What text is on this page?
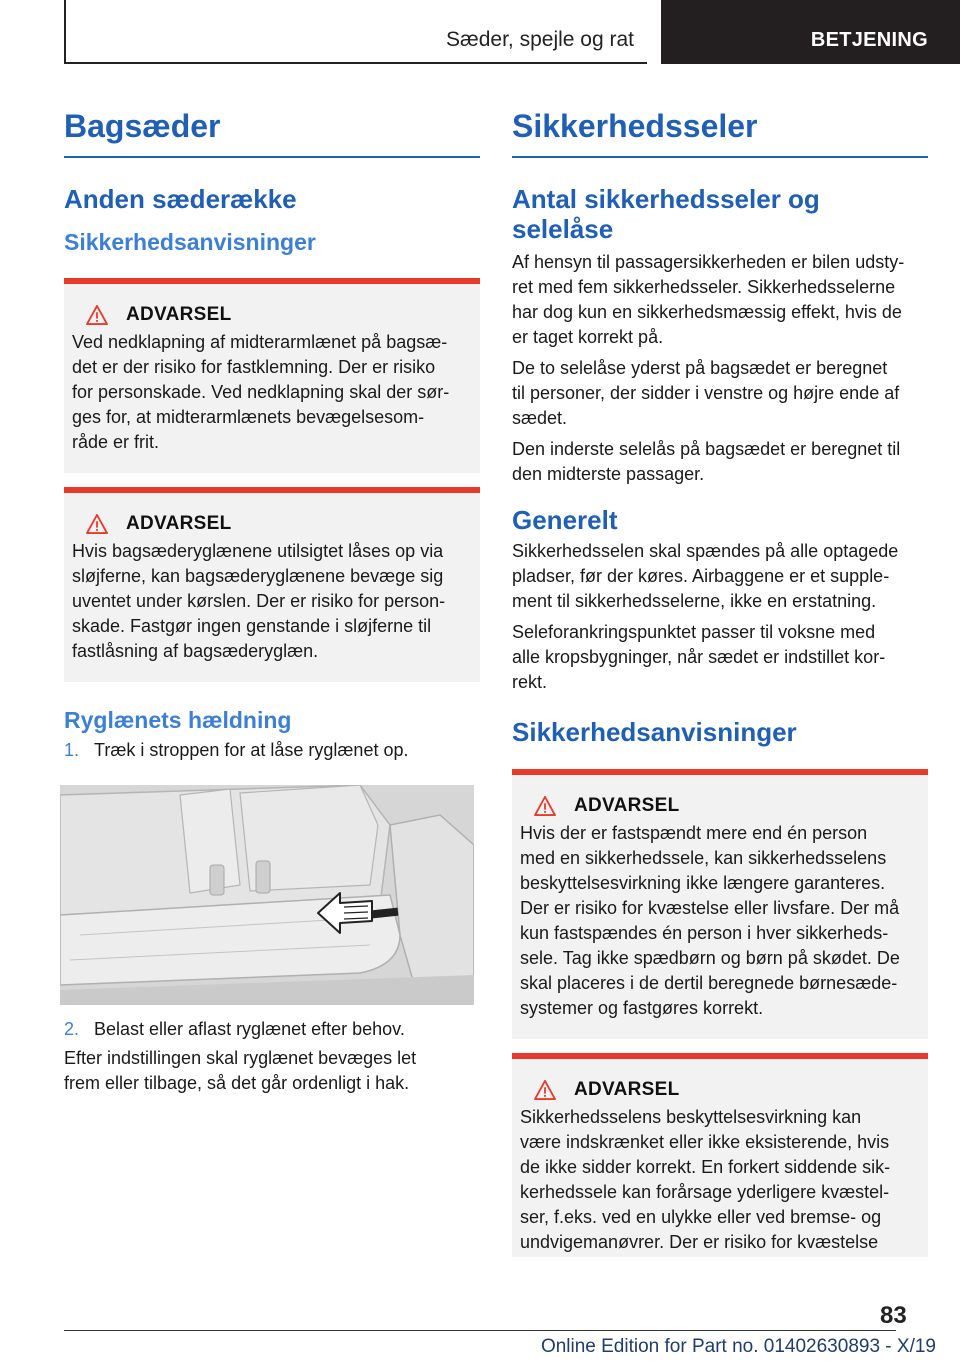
Sæder, spejle og rat	BETJENING
Bagsæder
Anden sæderække
Sikkerhedsanvisninger
ADVARSEL

Ved nedklapning af midterarmlænet på bagsæ-

det er der risiko for fastklemning. Der er risiko

for personskade. Ved nedklapning skal der sør-

ges for, at midterarmlænets bevægelsesom-

råde er frit.

ADVARSEL

Hvis bagsæderyglænene utilsigtet låses op via

sløjferne, kan bagsæderyglænene bevæge sig

uventet under kørslen. Der er risiko for person-

skade. Fastgør ingen genstande i sløjferne til

fastlåsning af bagsæderyglæn.

Ryglænets hældning
1. Træk i stroppen for at låse ryglænet op.
2. Belast eller aflast ryglænet efter behov.

Efter indstillingen skal ryglænet bevæges let

frem eller tilbage, så det går ordenligt i hak.

Sikkerhedsseler
Antal sikkerhedsseler og
selelåse

Af hensyn til passagersikkerheden er bilen udsty-

ret med fem sikkerhedsseler. Sikkerhedsselerne

har dog kun en sikkerhedsmæssig effekt, hvis de

er taget korrekt på.

De to selelåse yderst på bagsædet er beregnet

til personer, der sidder i venstre og højre ende af

sædet.

Den inderste selelås på bagsædet er beregnet til

den midterste passager.

Generelt

Sikkerhedsselen skal spændes på alle optagede

pladser, før der køres. Airbaggene er et supple-

ment til sikkerhedsselerne, ikke en erstatning.

Seleforankringspunktet passer til voksne med

alle kropsbygninger, når sædet er indstillet kor-

rekt.

Sikkerhedsanvisninger
ADVARSEL

Hvis der er fastspændt mere end én person

med en sikkerhedssele, kan sikkerhedsselens

beskyttelsesvirkning ikke længere garanteres.

Der er risiko for kvæstelse eller livsfare. Der må

kun fastspændes én person i hver sikkerheds-

sele. Tag ikke spædbørn og børn på skødet. De

skal placeres i de dertil beregnede børnesæde-

systemer og fastgøres korrekt.

ADVARSEL

Sikkerhedsselens beskyttelsesvirkning kan

være indskrænket eller ikke eksisterende, hvis

de ikke sidder korrekt. En forkert siddende sik-

kerhedssele kan forårsage yderligere kvæstel-

ser, f.eks. ved en ulykke eller ved bremse- og

undvigemanøvrer. Der er risiko for kvæstelse

83
Online Edition for Part no. 01402630893 - X/19
